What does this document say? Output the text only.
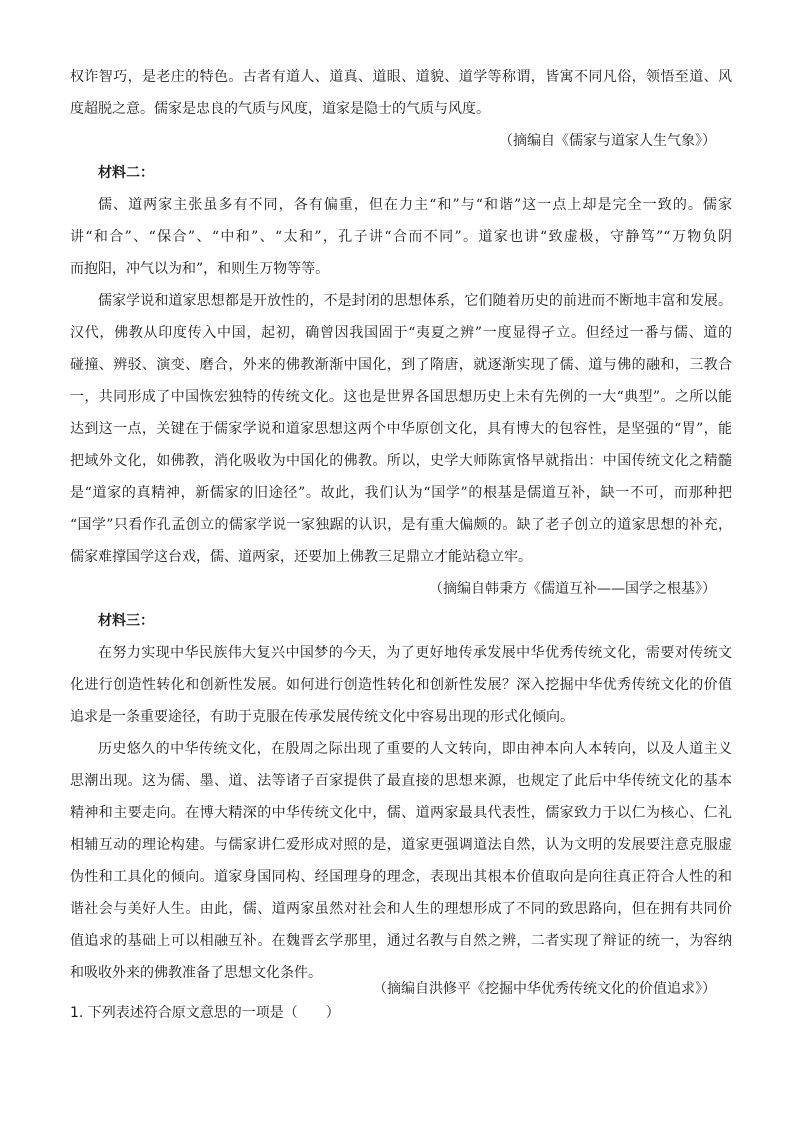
权诈智巧，是老庄的特色。古者有道人、道真、道眼、道貌、道学等称谓，皆寓不同凡俗，领悟至道、风
度超脱之意。儒家是忠良的气质与风度，道家是隐士的气质与风度。
（摘编自《儒家与道家人生气象》）
材料二：
儒、道两家主张虽多有不同，各有偏重，但在力主“和”与“和谐”这一点上却是完全一致的。儒家
讲“和合”、“保合”、“中和”、“太和”，孔子讲“合而不同”。道家也讲“致虚极，守静笃”“万物负阴
而抱阳，冲气以为和”，和则生万物等等。
儒家学说和道家思想都是开放性的，不是封闭的思想体系，它们随着历史的前进而不断地丰富和发展。
汉代，佛教从印度传入中国，起初，确曾因我国固于“夷夏之辨”一度显得孑立。但经过一番与儒、道的
碰撞、辨驳、演变、磨合，外来的佛教渐渐中国化，到了隋唐，就逐渐实现了儒、道与佛的融和，三教合
一，共同形成了中国恢宏独特的传统文化。这也是世界各国思想历史上未有先例的一大“典型”。之所以能
达到这一点，关键在于儒家学说和道家思想这两个中华原创文化，具有博大的包容性，是坚强的“胃”，能
把域外文化，如佛教，消化吸收为中国化的佛教。所以，史学大师陈寅恪早就指出：中国传统文化之精髓
是“道家的真精神，新儒家的旧途径”。故此，我们认为“国学”的根基是儒道互补，缺一不可，而那种把
“国学”只看作孔孟创立的儒家学说一家独踞的认识，是有重大偏颇的。缺了老子创立的道家思想的补充，
儒家难撑国学这台戏，儒、道两家，还要加上佛教三足鼎立才能站稳立牢。
（摘编自韩秉方《儒道互补——国学之根基》）
材料三：
在努力实现中华民族伟大复兴中国梦的今天，为了更好地传承发展中华优秀传统文化，需要对传统文
化进行创造性转化和创新性发展。如何进行创造性转化和创新性发展？深入挖掘中华优秀传统文化的价值
追求是一条重要途径，有助于克服在传承发展传统文化中容易出现的形式化倾向。
历史悠久的中华传统文化，在殷周之际出现了重要的人文转向，即由神本向人本转向，以及人道主义
思潮出现。这为儒、墨、道、法等诸子百家提供了最直接的思想来源，也规定了此后中华传统文化的基本
精神和主要走向。在博大精深的中华传统文化中，儒、道两家最具代表性，儒家致力于以仁为核心、仁礼
相辅互动的理论构建。与儒家讲仁爱形成对照的是，道家更强调道法自然，认为文明的发展要注意克服虚
伪性和工具化的倾向。道家身国同构、经国理身的理念，表现出其根本价值取向是向往真正符合人性的和
谐社会与美好人生。由此，儒、道两家虽然对社会和人生的理想形成了不同的致思路向，但在拥有共同价
值追求的基础上可以相融互补。在魏晋玄学那里，通过名教与自然之辨，二者实现了辩证的统一，为容纳
和吸收外来的佛教准备了思想文化条件。
（摘编自洪修平《挖掘中华优秀传统文化的价值追求》）
1. 下列表述符合原文意思的一项是（　　）
